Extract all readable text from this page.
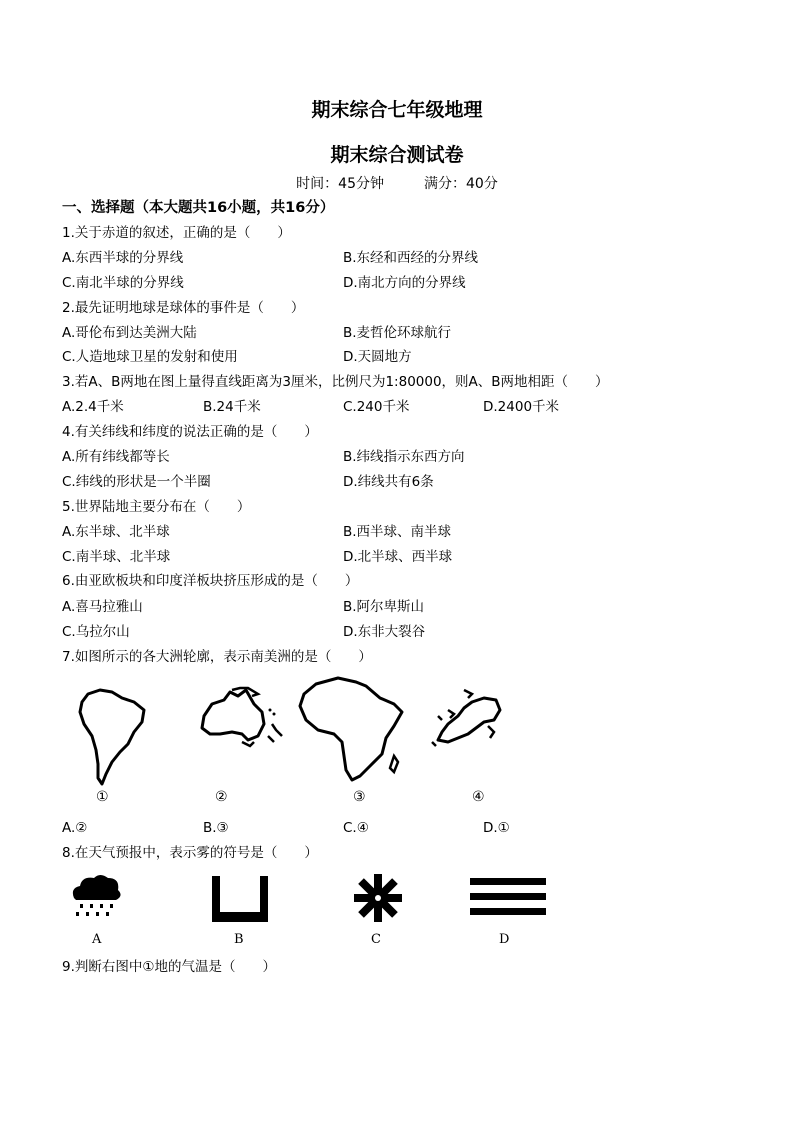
期末综合七年级地理
期末综合测试卷
时间：45分钟	满分：40分
一、选择题（本大题共16小题，共16分）
1.关于赤道的叙述，正确的是（　　）
A.东西半球的分界线	B.东经和西经的分界线
C.南北半球的分界线	D.南北方向的分界线
2.最先证明地球是球体的事件是（　　）
A.哥伦布到达美洲大陆	B.麦哲伦环球航行
C.人造地球卫星的发射和使用	D.天圆地方
3.若A、B两地在图上量得直线距离为3厘米，比例尺为1:80000，则A、B两地相距（　　）
A.2.4千米	B.24千米	C.240千米	D.2400千米
4.有关纬线和纬度的说法正确的是（　　）
A.所有纬线都等长	B.纬线指示东西方向
C.纬线的形状是一个半圈	D.纬线共有6条
5.世界陆地主要分布在（　　）
A.东半球、北半球	B.西半球、南半球
C.南半球、北半球	D.北半球、西半球
6.由亚欧板块和印度洋板块挤压形成的是（　　）
A.喜马拉雅山	B.阿尔卑斯山
C.乌拉尔山	D.东非大裂谷
7.如图所示的各大洲轮廓，表示南美洲的是（　　）
①	②	③	④
A.②	B.③	C.④	D.①
8.在天气预报中，表示雾的符号是（　　）
A	B	C	D
9.判断右图中①地的气温是（　　）
